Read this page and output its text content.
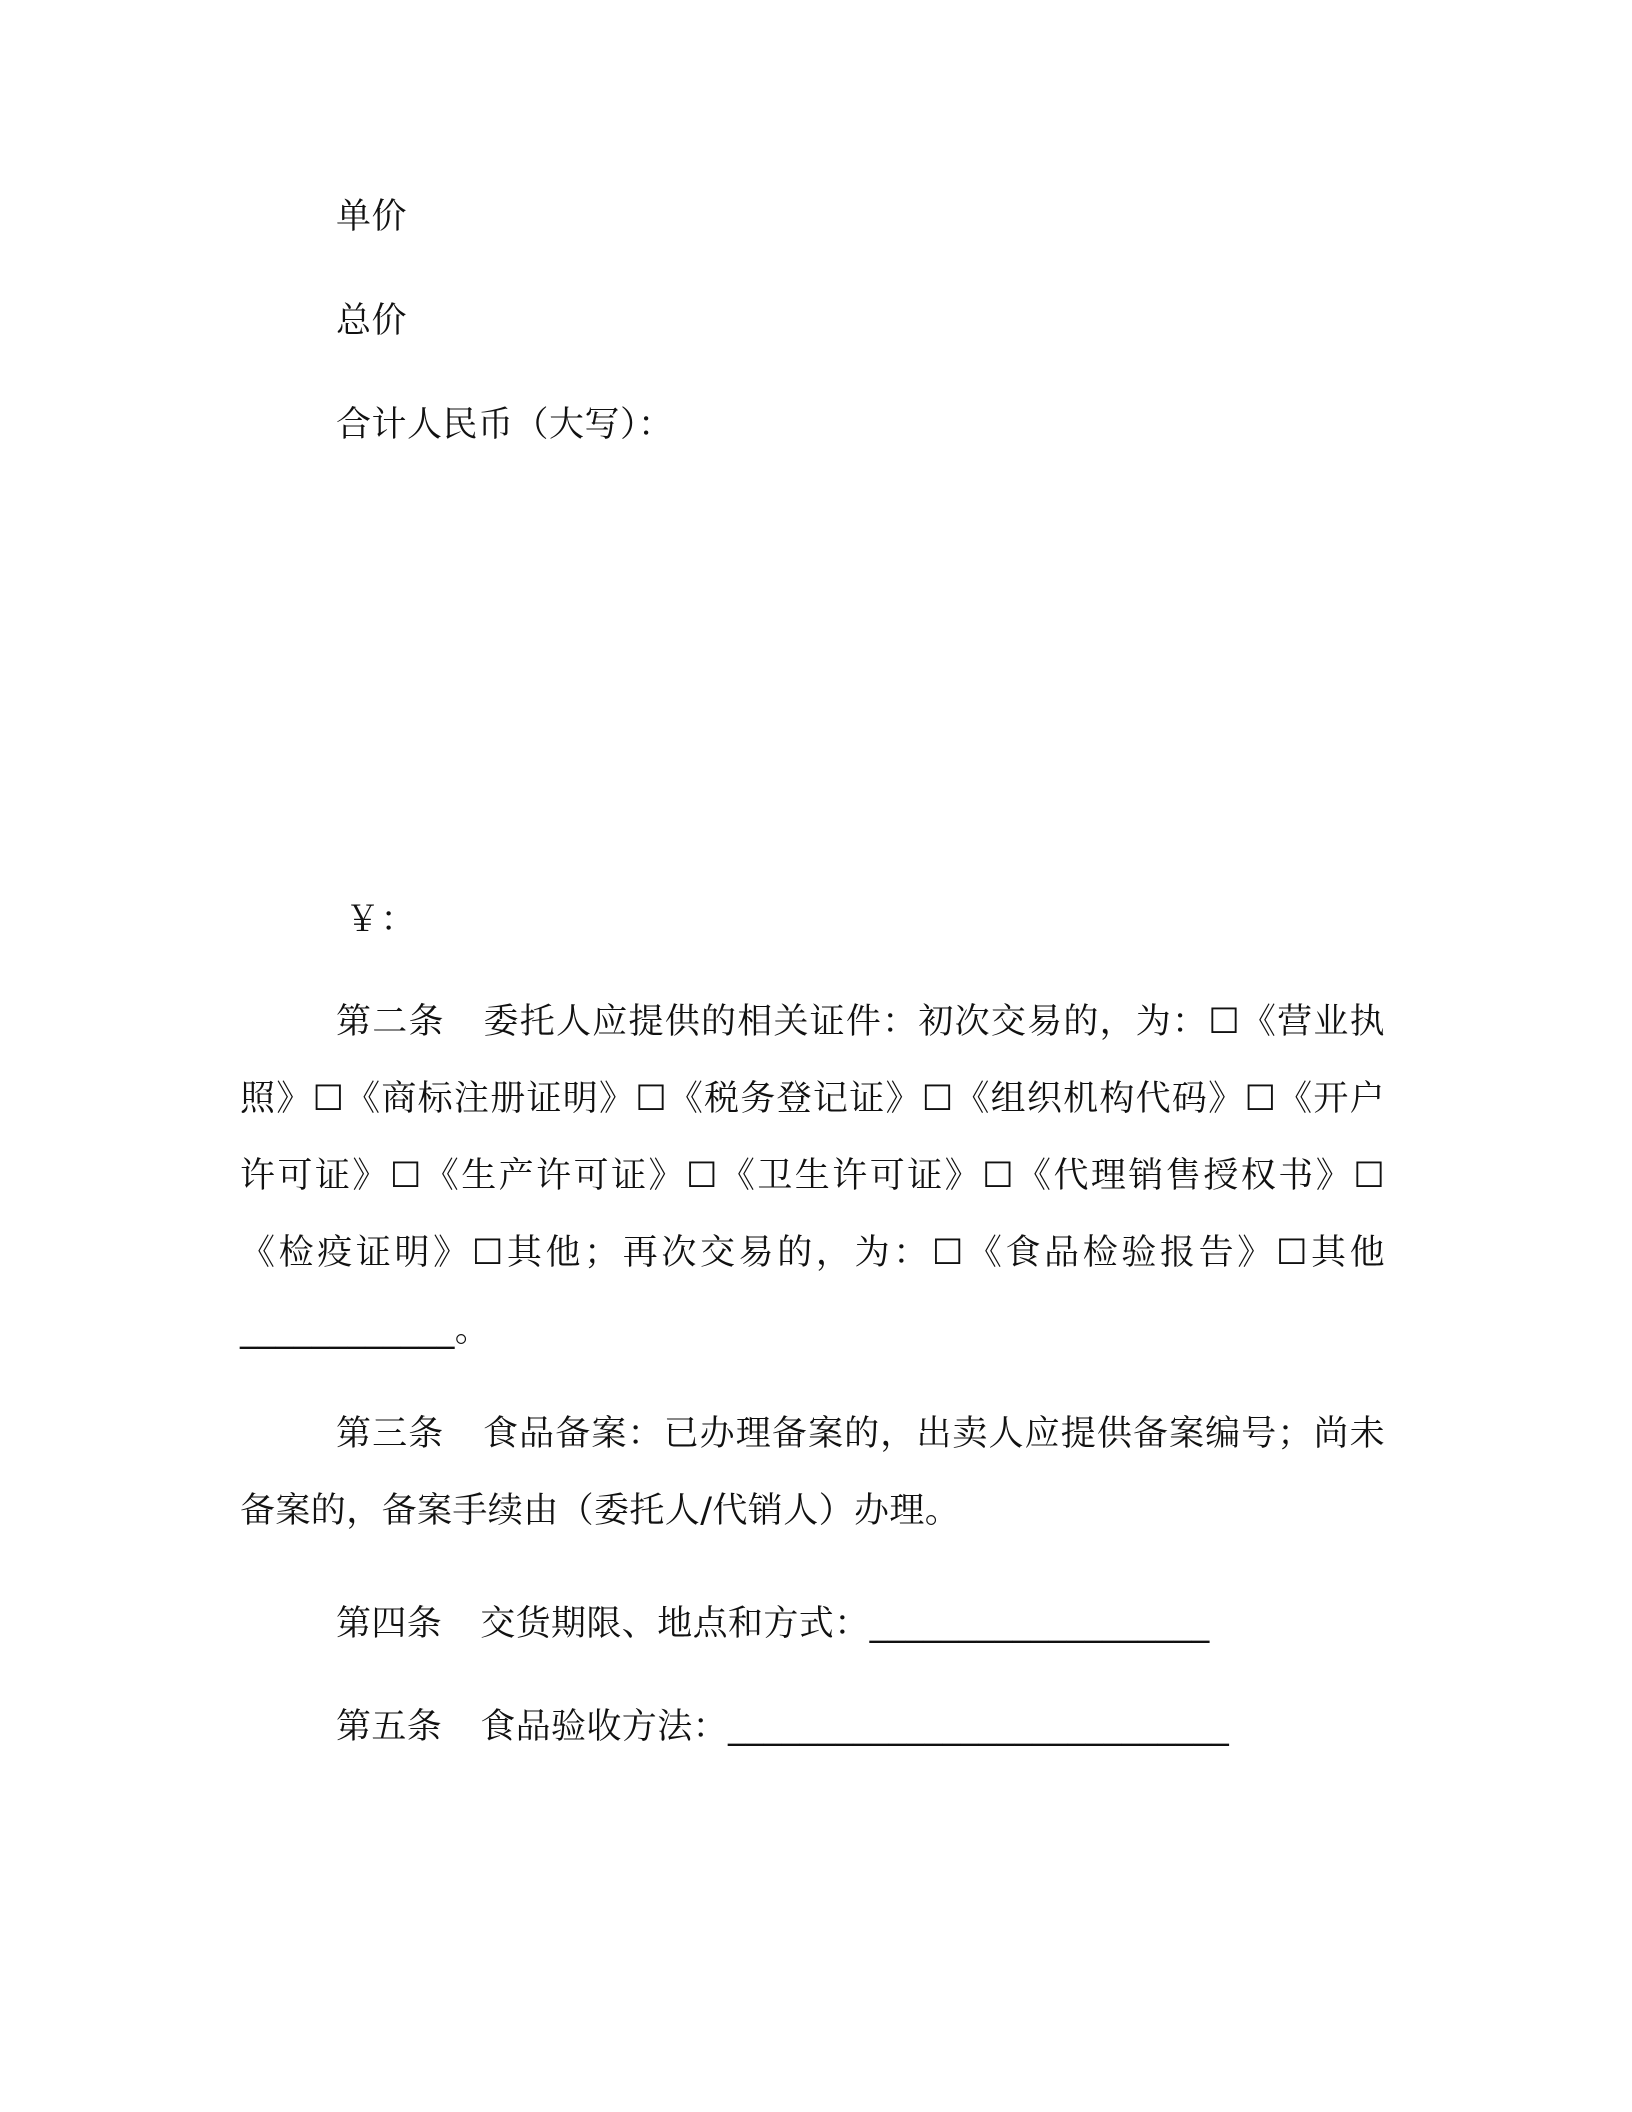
单价
总价
合计人民币（大写）：
￥：
第二条 委托人应提供的相关证件：初次交易的，为：☐《营业执照》☐《商标注册证明》☐《税务登记证》☐《组织机构代码》☐《开户许可证》☐《生产许可证》☐《卫生许可证》☐《代理销售授权书》☐《检疫证明》☐其他；再次交易的，为：☐《食品检验报告》☐其他____________。
第三条 食品备案：已办理备案的，出卖人应提供备案编号；尚未备案的，备案手续由（委托人/代销人）办理。
第四条 交货期限、地点和方式：___________________
第五条 食品验收方法：____________________________
